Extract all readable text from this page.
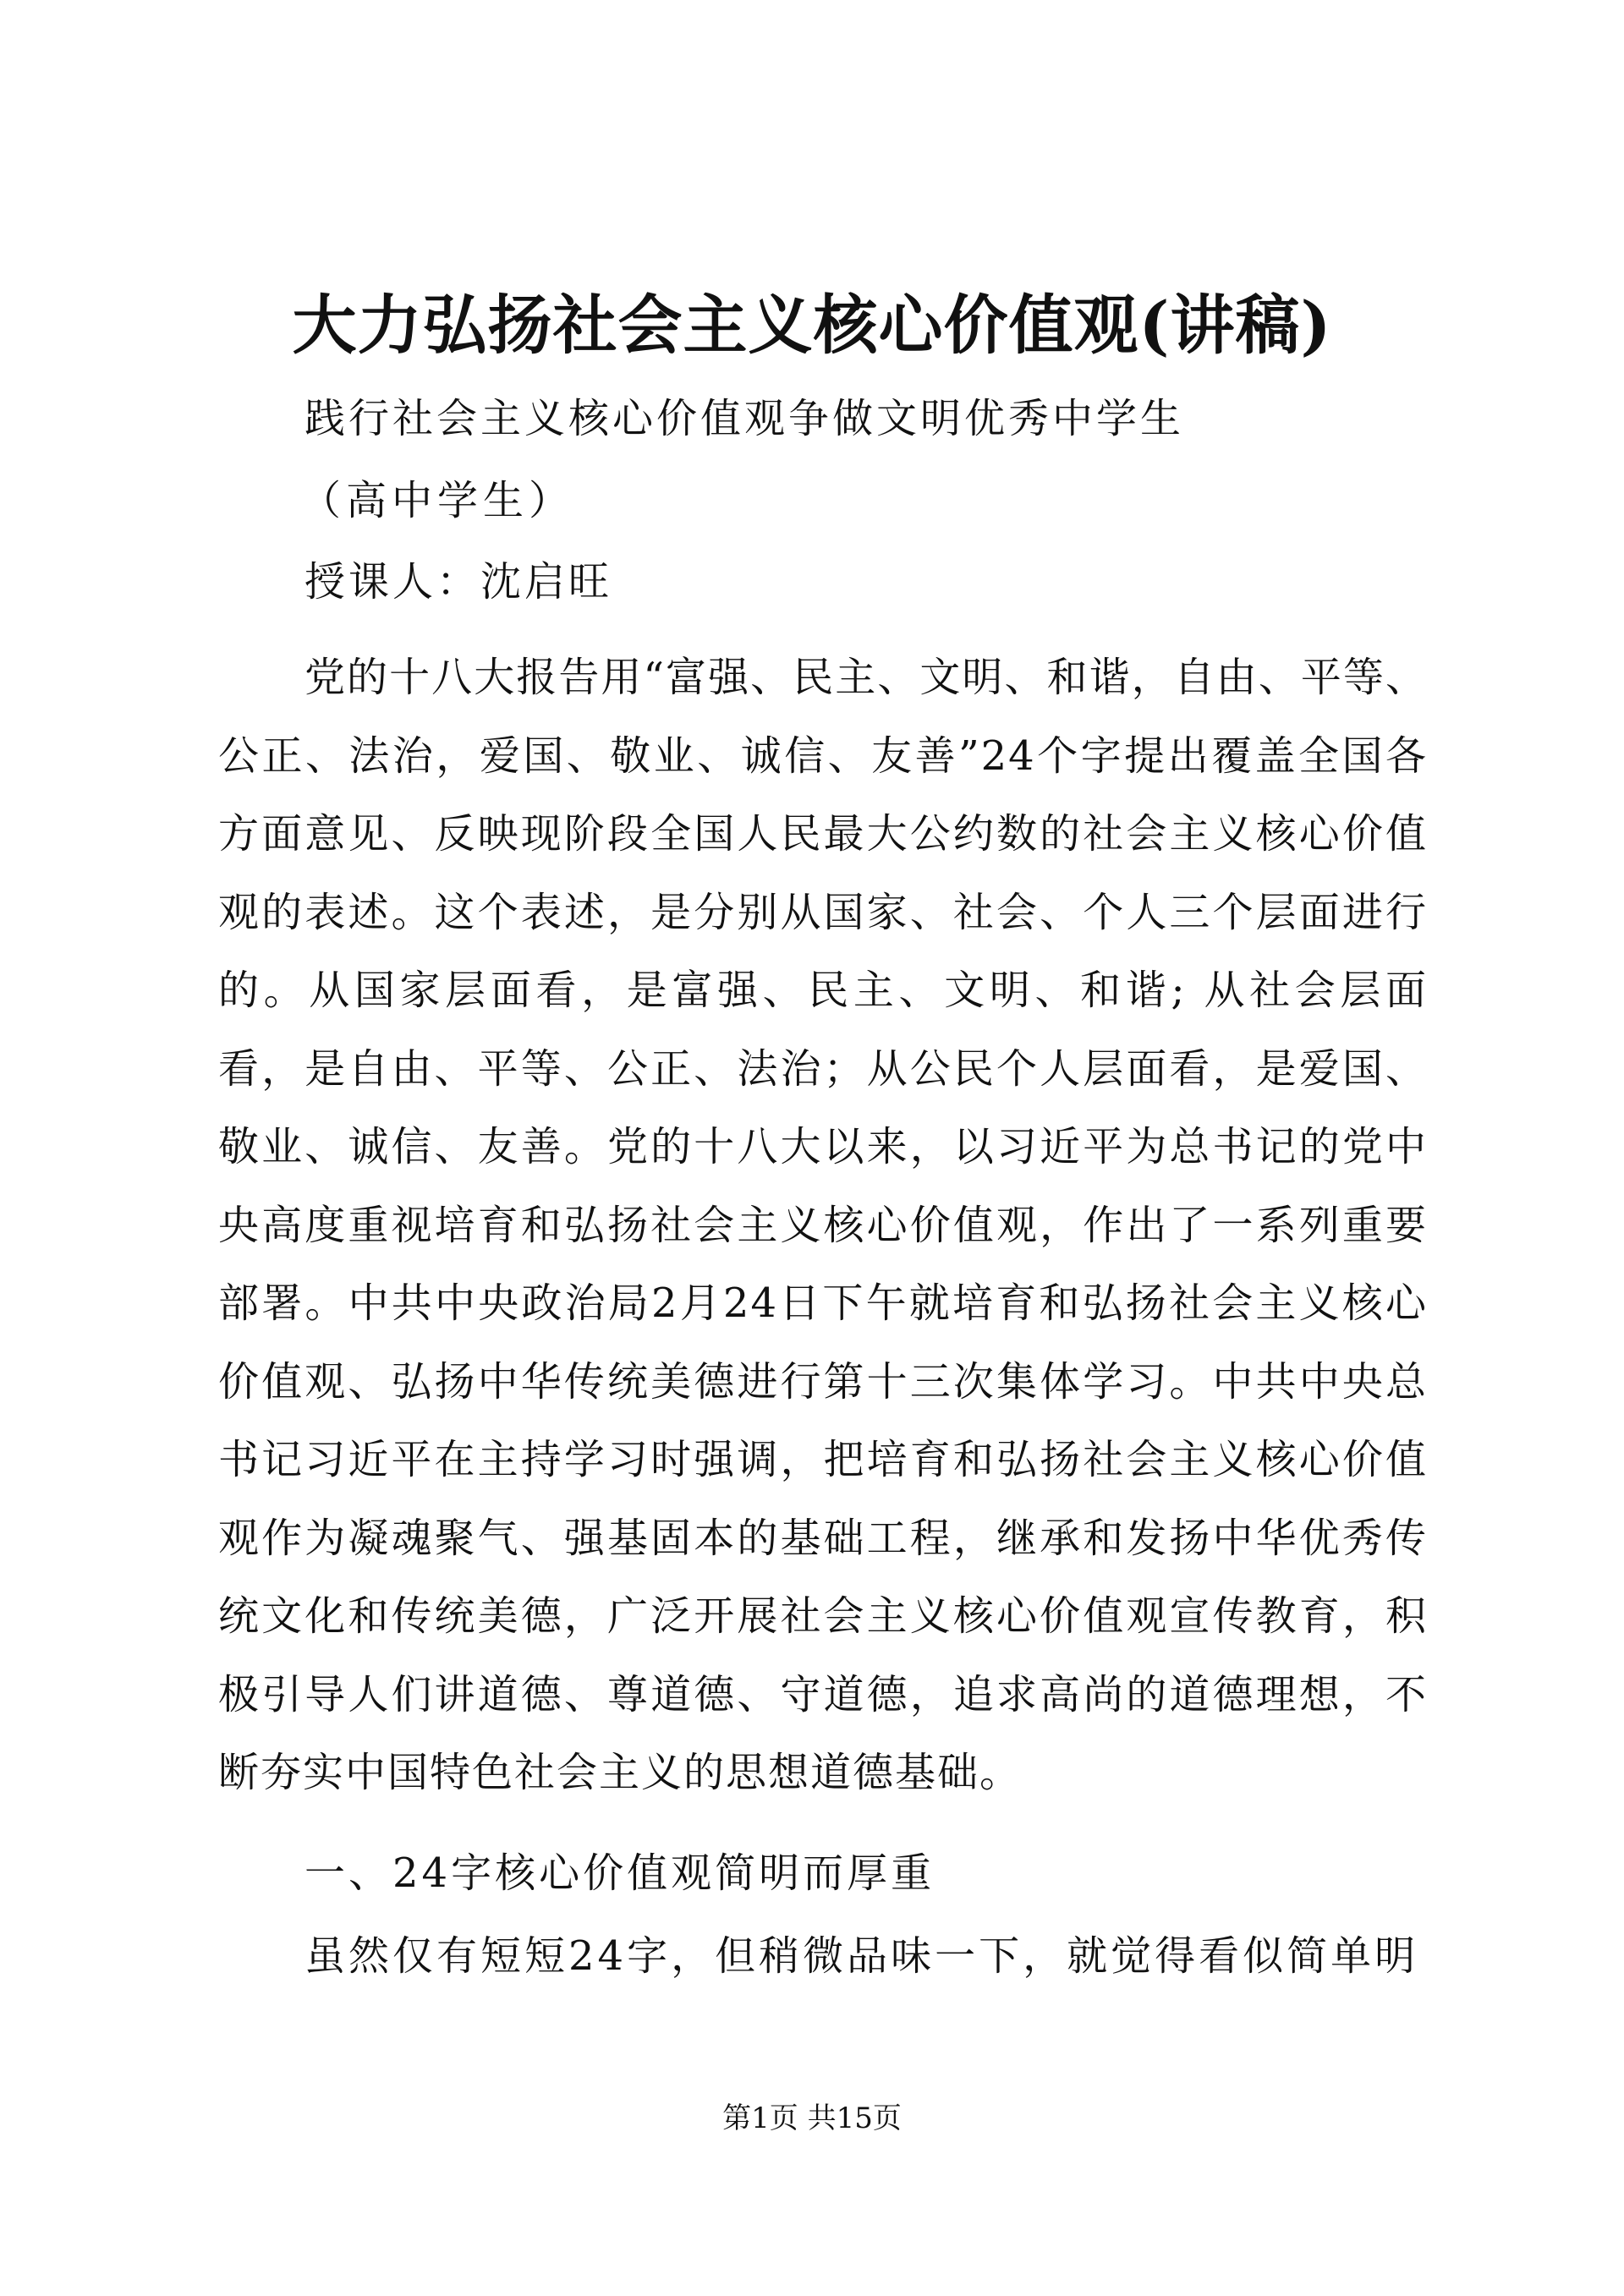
大力弘扬社会主义核心价值观(讲稿)
践行社会主义核心价值观争做文明优秀中学生
（高中学生）
授课人：沈启旺
党的十八大报告用“富强、民主、文明、和谐，自由、平等、公正、法治，爱国、敬业、诚信、友善”24个字提出覆盖全国各方面意见、反映现阶段全国人民最大公约数的社会主义核心价值观的表述。这个表述，是分别从国家、社会、个人三个层面进行的。从国家层面看，是富强、民主、文明、和谐; 从社会层面看，是自由、平等、公正、法治；从公民个人层面看，是爱国、敬业、诚信、友善。党的十八大以来，以习近平为总书记的党中央高度重视培育和弘扬社会主义核心价值观，作出了一系列重要部署。中共中央政治局2月24日下午就培育和弘扬社会主义核心价值观、弘扬中华传统美德进行第十三次集体学习。中共中央总书记习近平在主持学习时强调，把培育和弘扬社会主义核心价值观作为凝魂聚气、强基固本的基础工程，继承和发扬中华优秀传统文化和传统美德，广泛开展社会主义核心价值观宣传教育，积极引导人们讲道德、尊道德、守道德，追求高尚的道德理想，不断夯实中国特色社会主义的思想道德基础。
一、24字核心价值观简明而厚重
虽然仅有短短24字，但稍微品味一下，就觉得看似简单明
第1页 共15页
